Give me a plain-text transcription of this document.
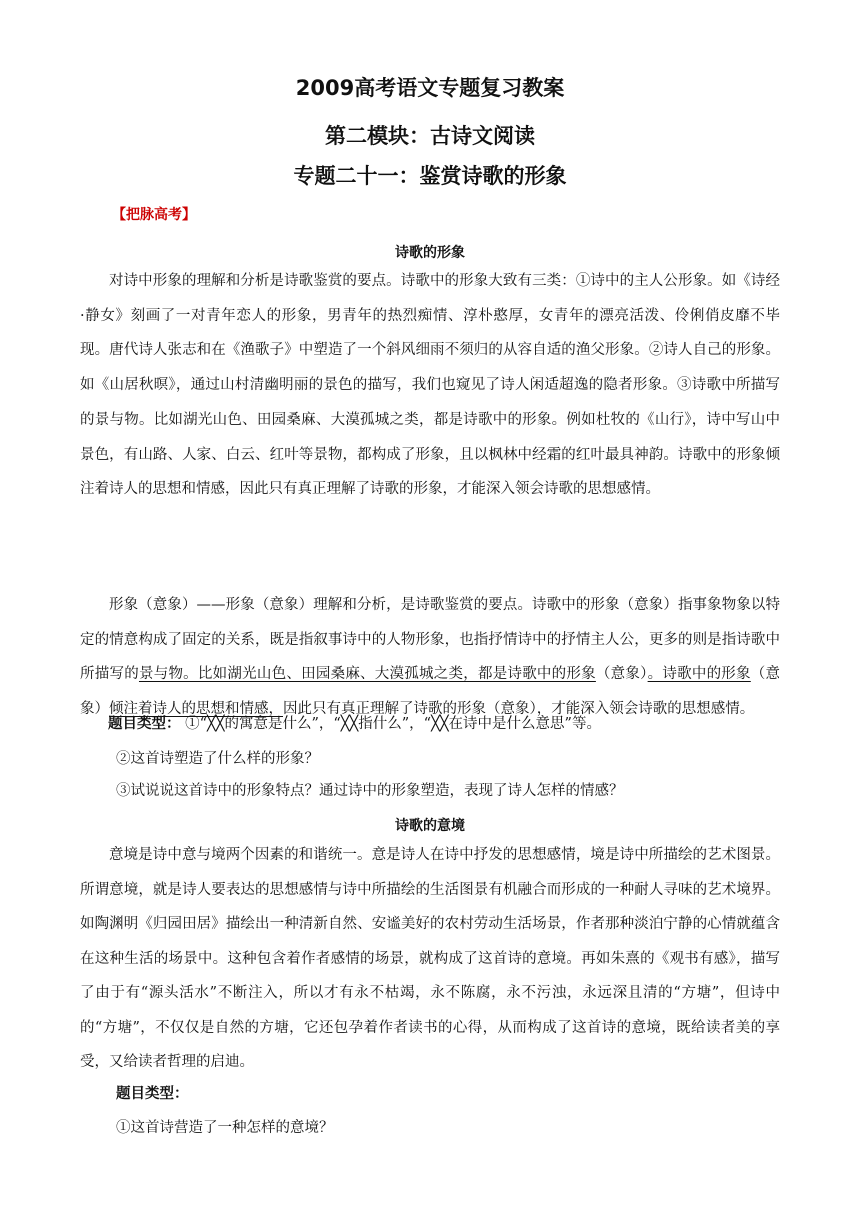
2009高考语文专题复习教案
第二模块：古诗文阅读
专题二十一：鉴赏诗歌的形象
【把脉高考】
诗歌的形象

对诗中形象的理解和分析是诗歌鉴赏的要点。诗歌中的形象大致有三类：①诗中的主人公形象。如《诗经·静女》刻画了一对青年恋人的形象，男青年的热烈痴情、淳朴憨厚，女青年的漂亮活泼、伶俐俏皮靡不毕现。唐代诗人张志和在《渔歌子》中塑造了一个斜风细雨不须归的从容自适的渔父形象。②诗人自己的形象。如《山居秋暝》，通过山村清幽明丽的景色的描写，我们也窥见了诗人闲适超逸的隐者形象。③诗歌中所描写的景与物。比如湖光山色、田园桑麻、大漠孤城之类，都是诗歌中的形象。例如杜牧的《山行》，诗中写山中景色，有山路、人家、白云、红叶等景物，都构成了形象，且以枫林中经霜的红叶最具神韵。诗歌中的形象倾注着诗人的思想和情感，因此只有真正理解了诗歌的形象，才能深入领会诗歌的思想感情。

形象（意象）——形象（意象）理解和分析，是诗歌鉴赏的要点。诗歌中的形象（意象）指事象物象以特定的情意构成了固定的关系，既是指叙事诗中的人物形象，也指抒情诗中的抒情主人公，更多的则是指诗歌中所描写的景与物。比如湖光山色、田园桑麻、大漠孤城之类，都是诗歌中的形象（意象）。诗歌中的形象（意象）倾注着诗人的思想和情感，因此只有真正理解了诗歌的形象（意象），才能深入领会诗歌的思想感情。

题目类型： ①“╳╳的寓意是什么”，“╳╳指什么”，“╳╳在诗中是什么意思”等。
②这首诗塑造了什么样的形象？
③试说说这首诗中的形象特点？通过诗中的形象塑造，表现了诗人怎样的情感？
诗歌的意境

意境是诗中意与境两个因素的和谐统一。意是诗人在诗中抒发的思想感情，境是诗中所描绘的艺术图景。所谓意境，就是诗人要表达的思想感情与诗中所描绘的生活图景有机融合而形成的一种耐人寻味的艺术境界。如陶渊明《归园田居》描绘出一种清新自然、安谧美好的农村劳动生活场景，作者那种淡泊宁静的心情就蕴含在这种生活的场景中。这种包含着作者感情的场景，就构成了这首诗的意境。再如朱熹的《观书有感》，描写了由于有“源头活水”不断注入，所以才有永不枯竭，永不陈腐，永不污浊，永远深且清的“方塘”，但诗中的“方塘”，不仅仅是自然的方塘，它还包孕着作者读书的心得，从而构成了这首诗的意境，既给读者美的享受，又给读者哲理的启迪。

题目类型：
①这首诗营造了一种怎样的意境？
